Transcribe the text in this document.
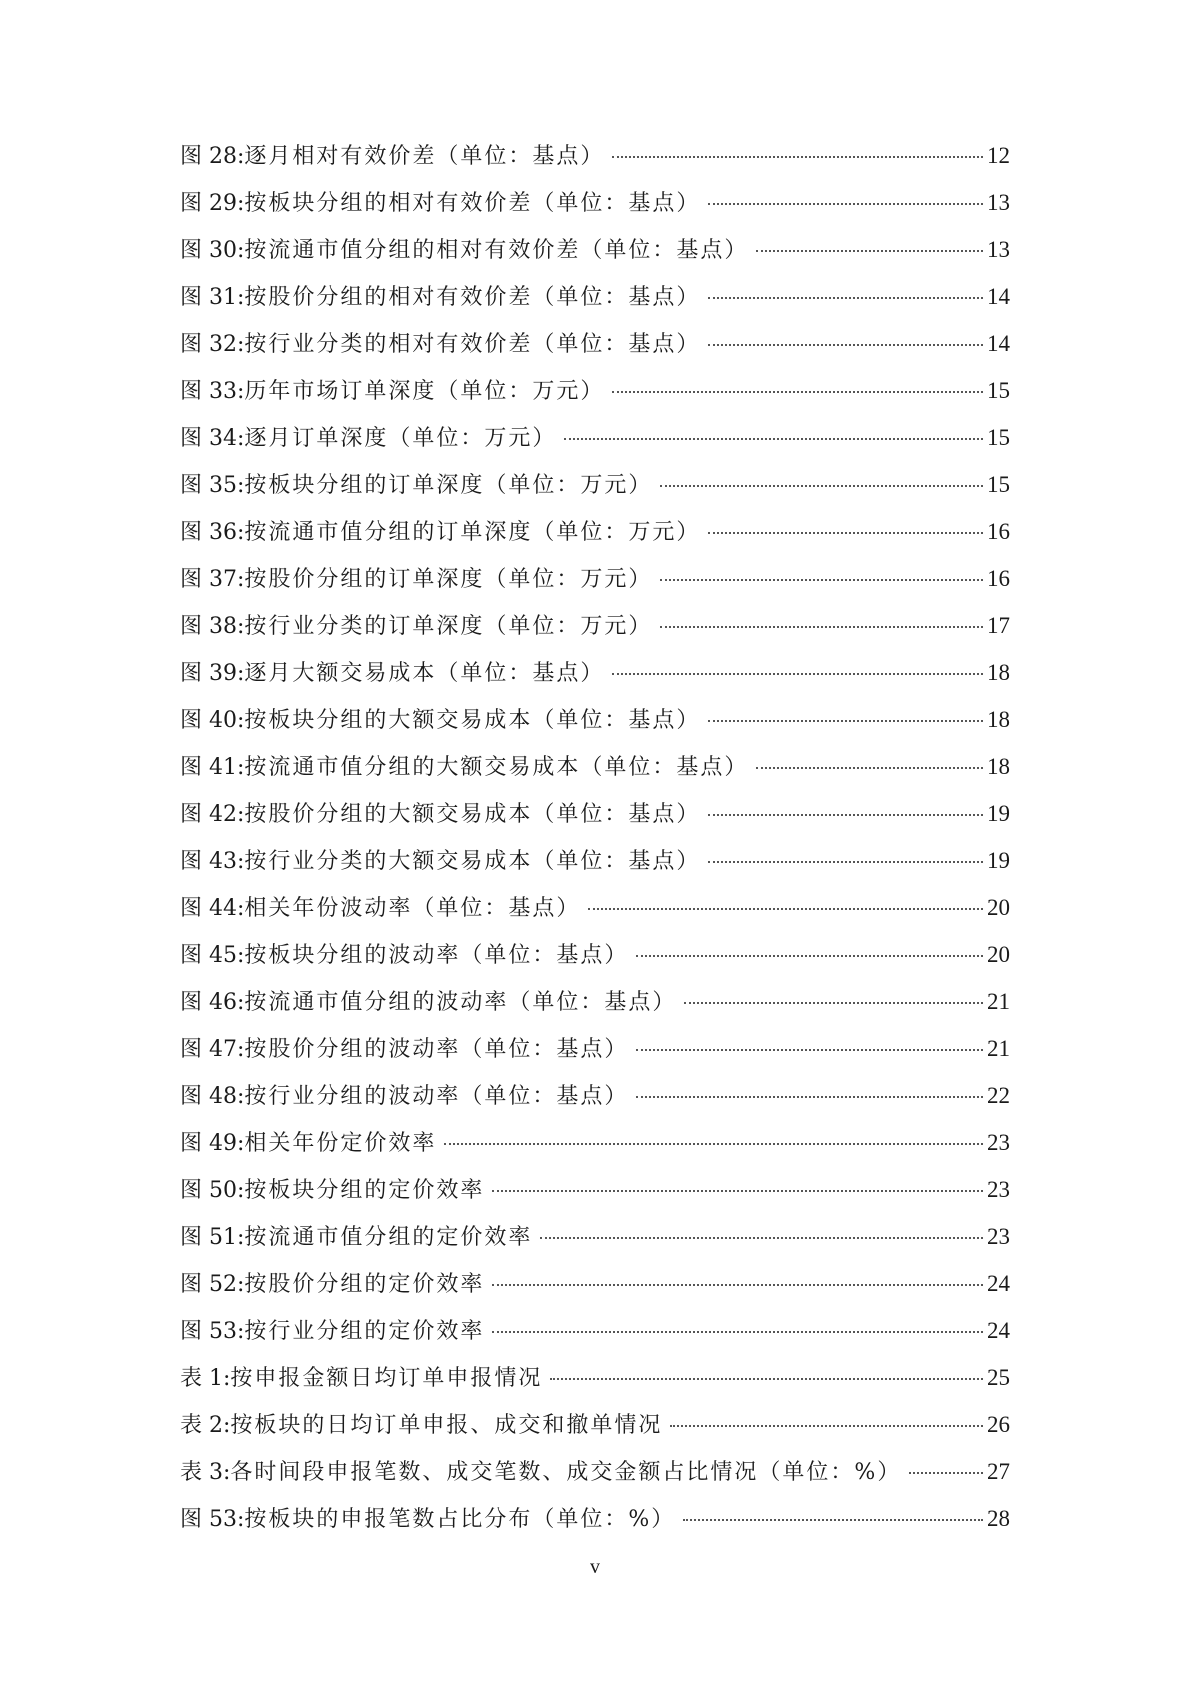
图 28: 逐月相对有效价差（单位：基点）	12
图 29: 按板块分组的相对有效价差（单位：基点）	13
图 30: 按流通市值分组的相对有效价差（单位：基点）	13
图 31: 按股价分组的相对有效价差（单位：基点）	14
图 32: 按行业分类的相对有效价差（单位：基点）	14
图 33: 历年市场订单深度（单位：万元）	15
图 34: 逐月订单深度（单位：万元）	15
图 35: 按板块分组的订单深度（单位：万元）	15
图 36: 按流通市值分组的订单深度（单位：万元）	16
图 37: 按股价分组的订单深度（单位：万元）	16
图 38: 按行业分类的订单深度（单位：万元）	17
图 39: 逐月大额交易成本（单位：基点）	18
图 40: 按板块分组的大额交易成本（单位：基点）	18
图 41: 按流通市值分组的大额交易成本（单位：基点）	18
图 42: 按股价分组的大额交易成本（单位：基点）	19
图 43: 按行业分类的大额交易成本（单位：基点）	19
图 44: 相关年份波动率（单位：基点）	20
图 45: 按板块分组的波动率（单位：基点）	20
图 46: 按流通市值分组的波动率（单位：基点）	21
图 47: 按股价分组的波动率（单位：基点）	21
图 48: 按行业分组的波动率（单位：基点）	22
图 49: 相关年份定价效率	23
图 50: 按板块分组的定价效率	23
图 51: 按流通市值分组的定价效率	23
图 52: 按股价分组的定价效率	24
图 53: 按行业分组的定价效率	24
表 1: 按申报金额日均订单申报情况	25
表 2: 按板块的日均订单申报、成交和撤单情况	26
表 3: 各时间段申报笔数、成交笔数、成交金额占比情况（单位：%）	27
图 53: 按板块的申报笔数占比分布（单位：%）	28
v
